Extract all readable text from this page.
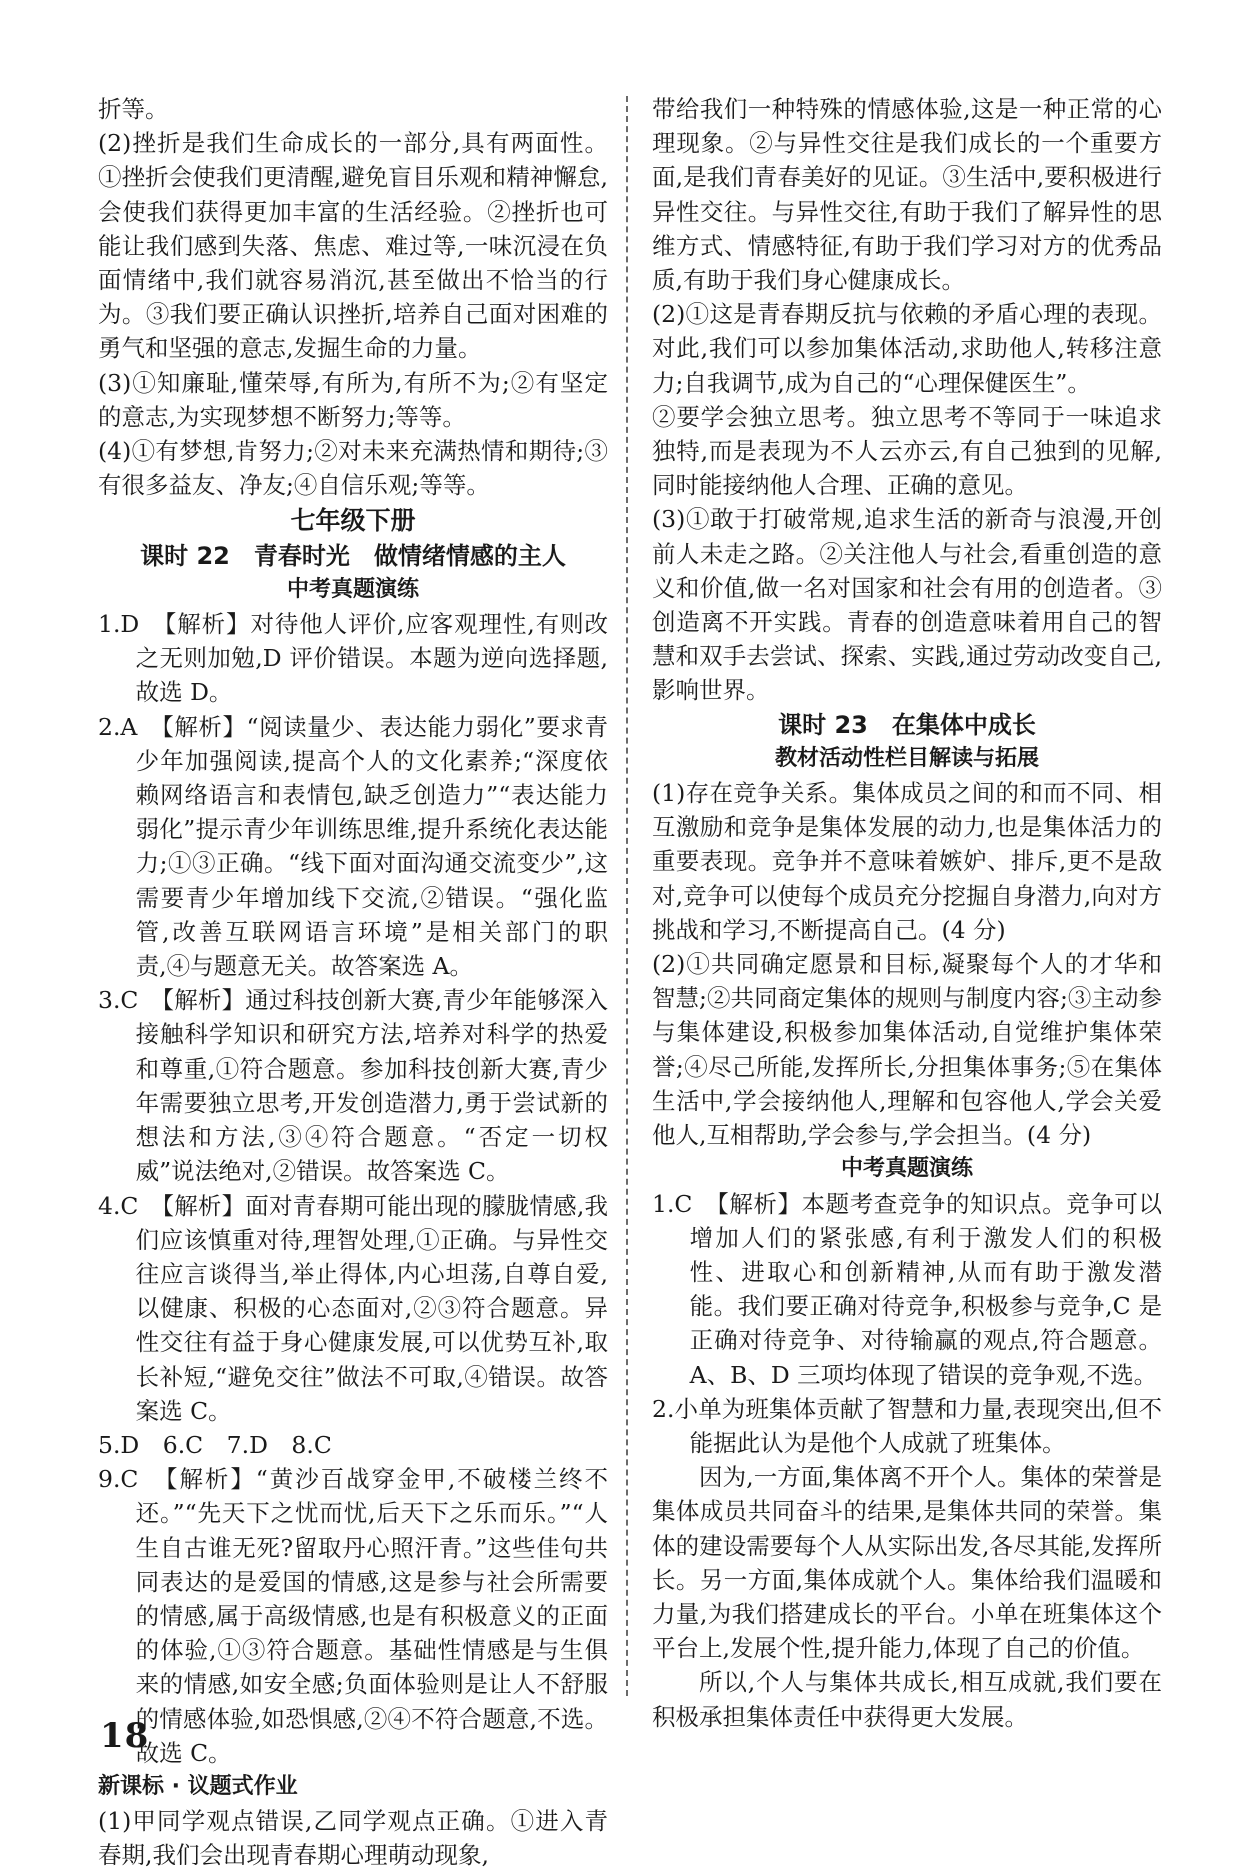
折等。

(2)挫折是我们生命成长的一部分,具有两面性。①挫折会使我们更清醒,避免盲目乐观和精神懈怠,会使我们获得更加丰富的生活经验。②挫折也可能让我们感到失落、焦虑、难过等,一味沉浸在负面情绪中,我们就容易消沉,甚至做出不恰当的行为。③我们要正确认识挫折,培养自己面对困难的勇气和坚强的意志,发掘生命的力量。

(3)①知廉耻,懂荣辱,有所为,有所不为;②有坚定的意志,为实现梦想不断努力;等等。

(4)①有梦想,肯努力;②对未来充满热情和期待;③有很多益友、净友;④自信乐观;等等。

七年级下册

课时 22　青春时光　做情绪情感的主人

中考真题演练

1.D　【解析】对待他人评价,应客观理性,有则改之无则加勉,D 评价错误。本题为逆向选择题,故选 D。

2.A　【解析】“阅读量少、表达能力弱化”要求青少年加强阅读,提高个人的文化素养;“深度依赖网络语言和表情包,缺乏创造力”“表达能力弱化”提示青少年训练思维,提升系统化表达能力;①③正确。“线下面对面沟通交流变少”,这需要青少年增加线下交流,②错误。“强化监管,改善互联网语言环境”是相关部门的职责,④与题意无关。故答案选 A。

3.C　【解析】通过科技创新大赛,青少年能够深入接触科学知识和研究方法,培养对科学的热爱和尊重,①符合题意。参加科技创新大赛,青少年需要独立思考,开发创造潜力,勇于尝试新的想法和方法,③④符合题意。“否定一切权威”说法绝对,②错误。故答案选 C。

4.C　【解析】面对青春期可能出现的朦胧情感,我们应该慎重对待,理智处理,①正确。与异性交往应言谈得当,举止得体,内心坦荡,自尊自爱,以健康、积极的心态面对,②③符合题意。异性交往有益于身心健康发展,可以优势互补,取长补短,“避免交往”做法不可取,④错误。故答案选 C。

5.D　6.C　7.D　8.C

9.C　【解析】“黄沙百战穿金甲,不破楼兰终不还。”“先天下之忧而忧,后天下之乐而乐。”“人生自古谁无死?留取丹心照汗青。”这些佳句共同表达的是爱国的情感,这是参与社会所需要的情感,属于高级情感,也是有积极意义的正面的体验,①③符合题意。基础性情感是与生俱来的情感,如安全感;负面体验则是让人不舒服的情感体验,如恐惧感,②④不符合题意,不选。故选 C。

新课标 · 议题式作业

(1)甲同学观点错误,乙同学观点正确。①进入青春期,我们会出现青春期心理萌动现象,

带给我们一种特殊的情感体验,这是一种正常的心理现象。②与异性交往是我们成长的一个重要方面,是我们青春美好的见证。③生活中,要积极进行异性交往。与异性交往,有助于我们了解异性的思维方式、情感特征,有助于我们学习对方的优秀品质,有助于我们身心健康成长。

(2)①这是青春期反抗与依赖的矛盾心理的表现。对此,我们可以参加集体活动,求助他人,转移注意力;自我调节,成为自己的“心理保健医生”。

②要学会独立思考。独立思考不等同于一味追求独特,而是表现为不人云亦云,有自己独到的见解,同时能接纳他人合理、正确的意见。

(3)①敢于打破常规,追求生活的新奇与浪漫,开创前人未走之路。②关注他人与社会,看重创造的意义和价值,做一名对国家和社会有用的创造者。③创造离不开实践。青春的创造意味着用自己的智慧和双手去尝试、探索、实践,通过劳动改变自己,影响世界。

课时 23　在集体中成长

教材活动性栏目解读与拓展

(1)存在竞争关系。集体成员之间的和而不同、相互激励和竞争是集体发展的动力,也是集体活力的重要表现。竞争并不意味着嫉妒、排斥,更不是敌对,竞争可以使每个成员充分挖掘自身潜力,向对方挑战和学习,不断提高自己。(4 分)

(2)①共同确定愿景和目标,凝聚每个人的才华和智慧;②共同商定集体的规则与制度内容;③主动参与集体建设,积极参加集体活动,自觉维护集体荣誉;④尽己所能,发挥所长,分担集体事务;⑤在集体生活中,学会接纳他人,理解和包容他人,学会关爱他人,互相帮助,学会参与,学会担当。(4 分)

中考真题演练

1.C　【解析】本题考查竞争的知识点。竞争可以增加人们的紧张感,有利于激发人们的积极性、进取心和创新精神,从而有助于激发潜能。我们要正确对待竞争,积极参与竞争,C 是正确对待竞争、对待输赢的观点,符合题意。A、B、D 三项均体现了错误的竞争观,不选。

2.小单为班集体贡献了智慧和力量,表现突出,但不能据此认为是他个人成就了班集体。

因为,一方面,集体离不开个人。集体的荣誉是集体成员共同奋斗的结果,是集体共同的荣誉。集体的建设需要每个人从实际出发,各尽其能,发挥所长。另一方面,集体成就个人。集体给我们温暖和力量,为我们搭建成长的平台。小单在班集体这个平台上,发展个性,提升能力,体现了自己的价值。

所以,个人与集体共成长,相互成就,我们要在积极承担集体责任中获得更大发展。

18
